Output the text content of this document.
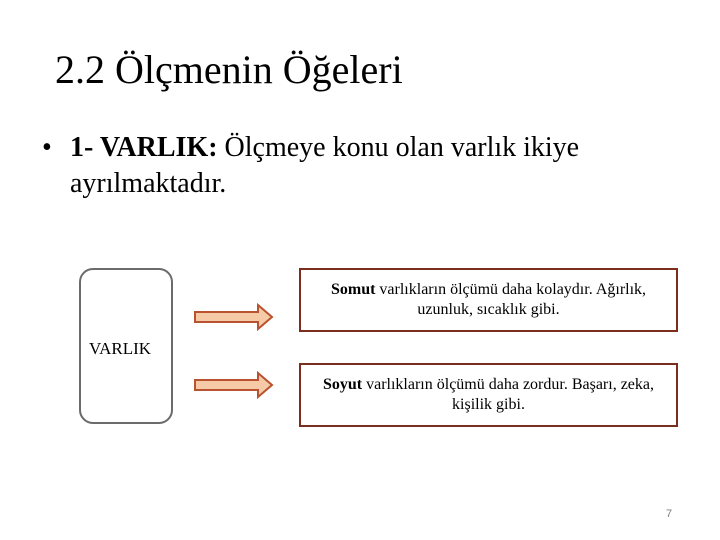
2.2 Ölçmenin Öğeleri
• 1- VARLIK: Ölçmeye konu olan varlık ikiye ayrılmaktadır.
VARLIK
Somut varlıkların ölçümü daha kolaydır. Ağırlık, uzunluk, sıcaklık gibi.
Soyut varlıkların ölçümü daha zordur. Başarı, zeka, kişilik gibi.
7
